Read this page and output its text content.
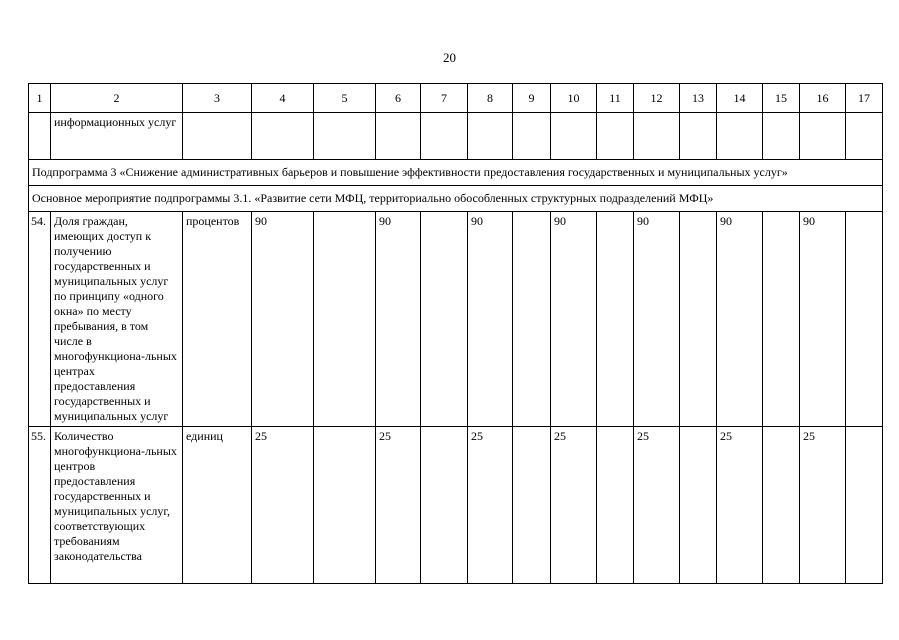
20
1	2	3	4	5	6	7	8	9	10	11	12	13	14	15	16	17
	информационных услуг															
Подпрограмма 3 «Снижение административных барьеров и повышение эффективности предоставления государственных и муниципальных услуг»																
Основное мероприятие подпрограммы 3.1. «Развитие сети МФЦ, территориально обособленных структурных подразделений МФЦ»																
54.	Доля граждан, имеющих доступ к получению государственных и муниципальных услуг по принципу «одного окна» по месту пребывания, в том числе в многофункциона-льных центрах предоставления государственных и муниципальных услуг	процентов	90		90		90		90		90		90		90	
55.	Количество многофункциона-льных центров предоставления государственных и муниципальных услуг, соответствующих требованиям законодательства	единиц	25		25		25		25		25		25		25	
